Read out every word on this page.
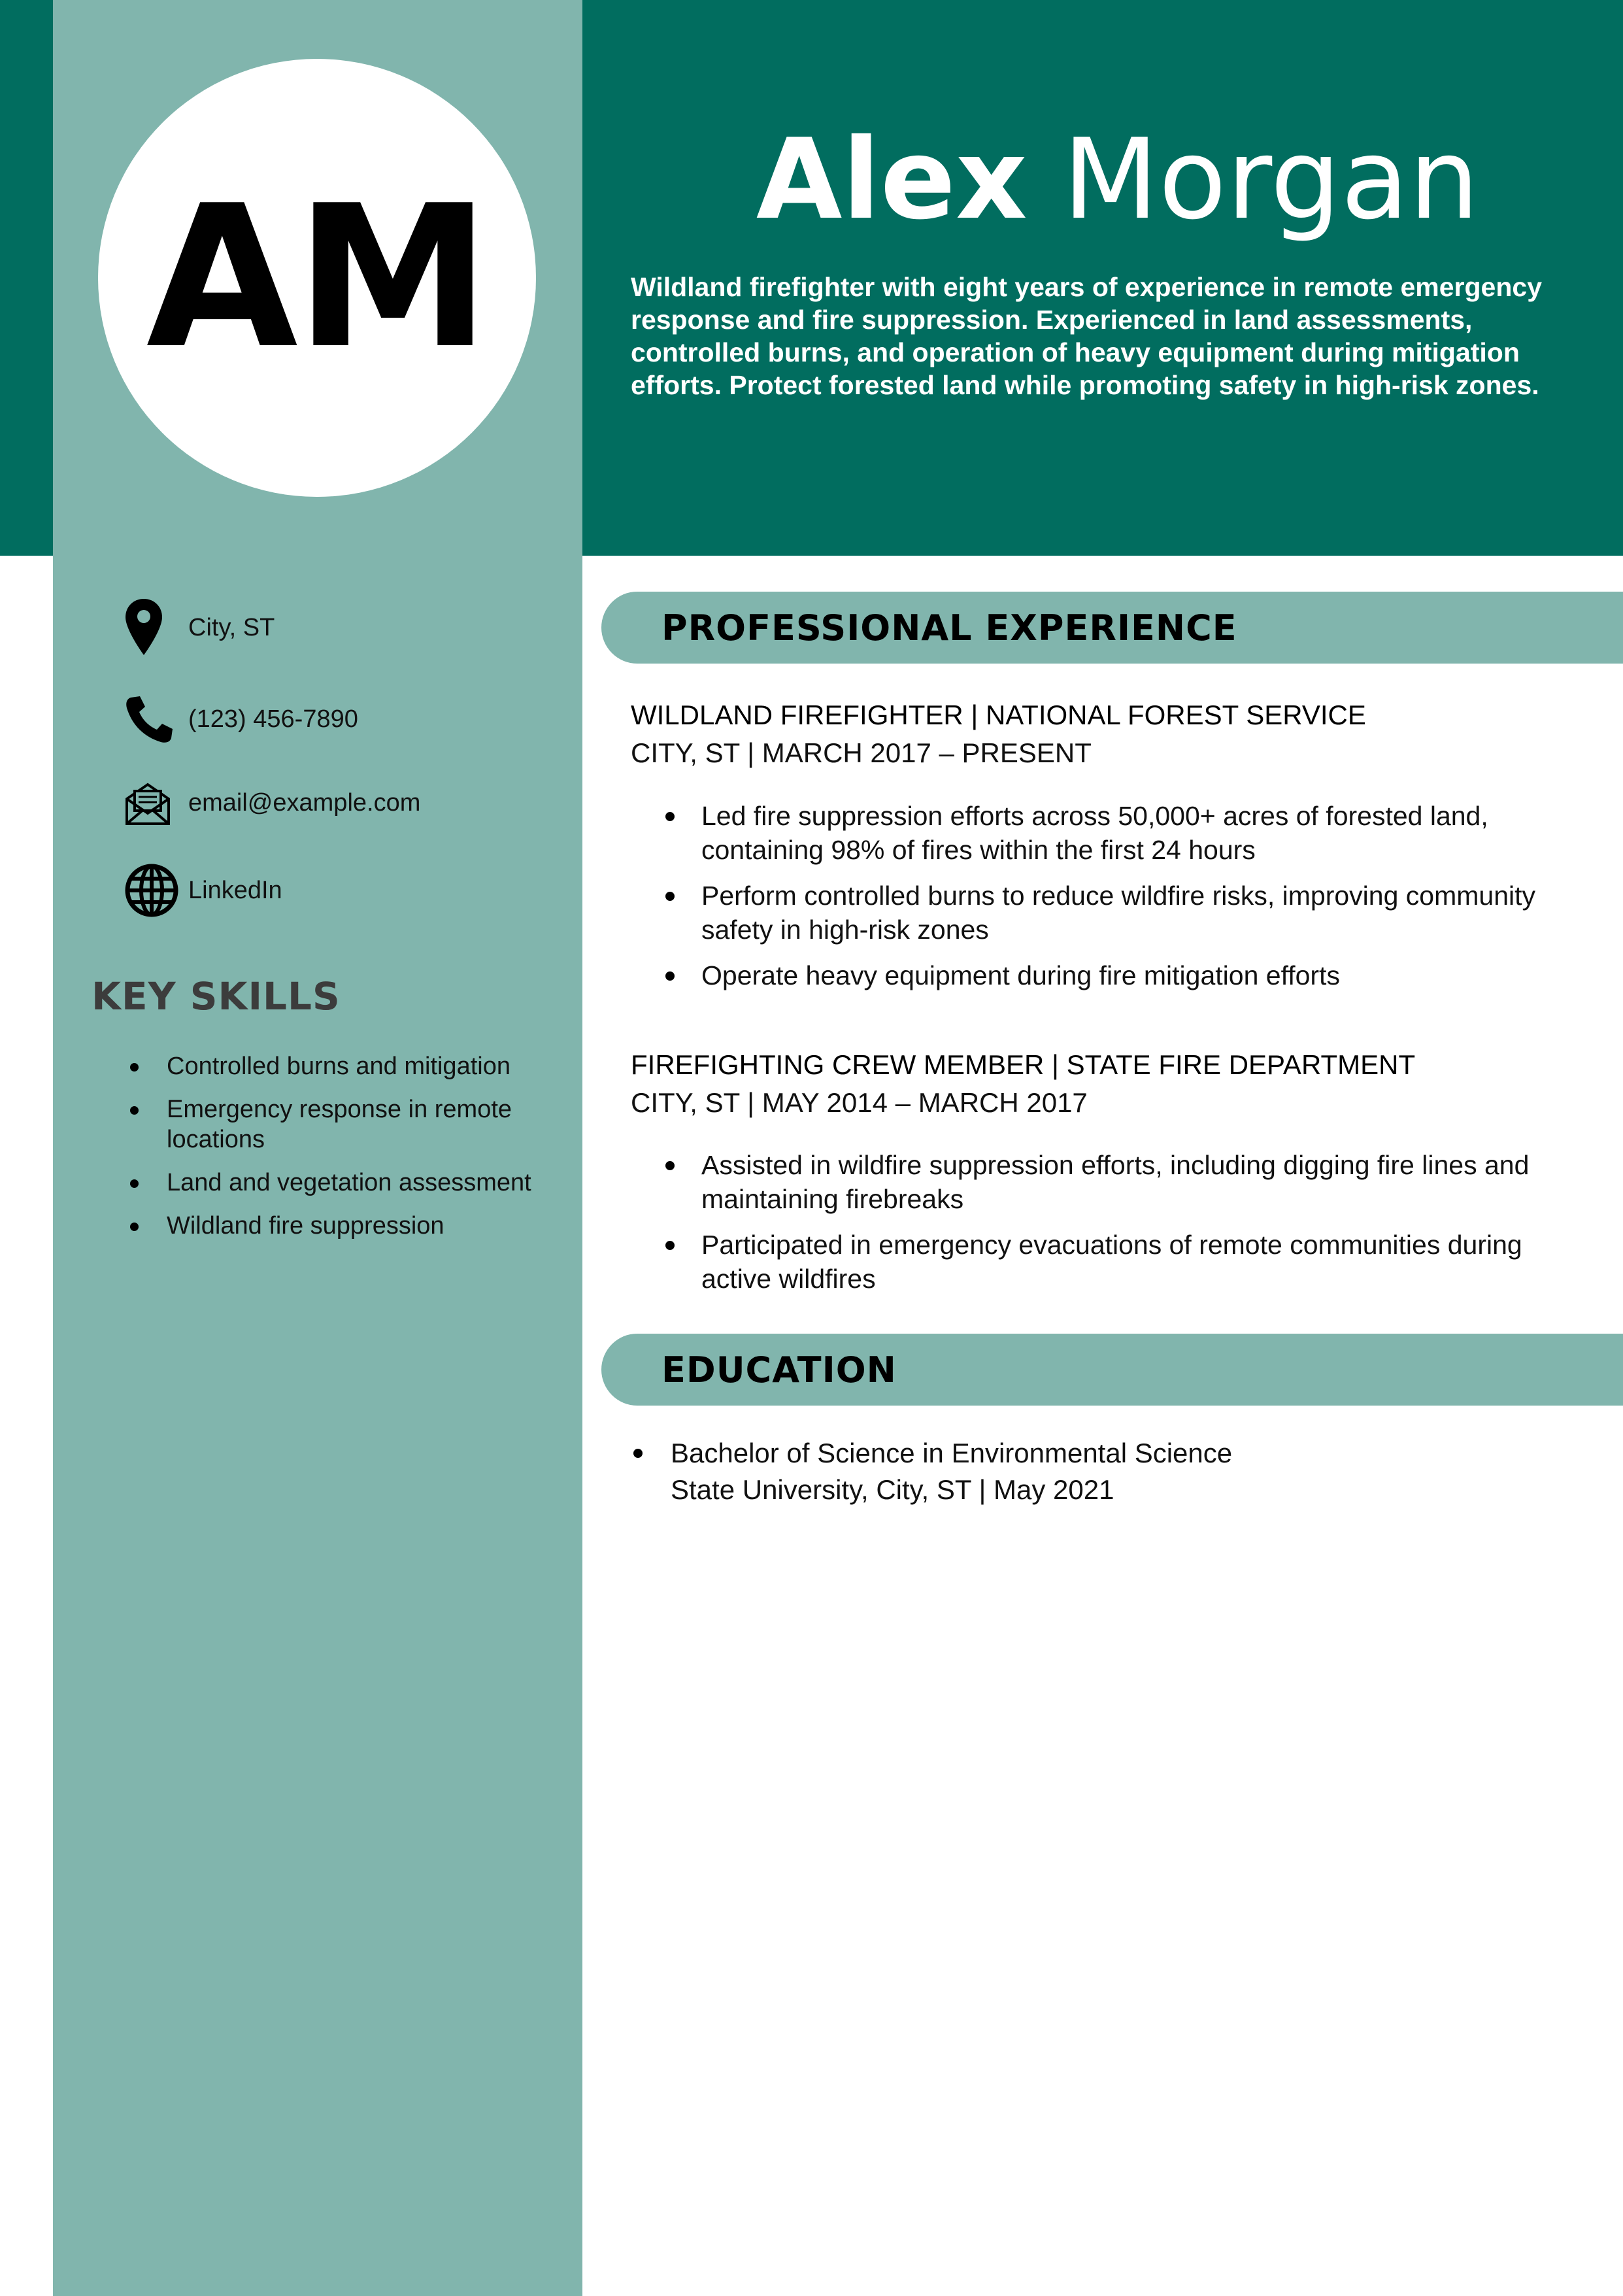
AM	Alex Morgan
Wildland firefighter with eight years of experience in remote emergency response and fire suppression. Experienced in land assessments, controlled burns, and operation of heavy equipment during mitigation efforts. Protect forested land while promoting safety in high-risk zones.
City, ST
(123) 456-7890
email@example.com
LinkedIn
KEY SKILLS
Controlled burns and mitigation
Emergency response in remote locations
Land and vegetation assessment
Wildland fire suppression
PROFESSIONAL EXPERIENCE
WILDLAND FIREFIGHTER | NATIONAL FOREST SERVICE
CITY, ST | MARCH 2017 – PRESENT
Led fire suppression efforts across 50,000+ acres of forested land, containing 98% of fires within the first 24 hours
Perform controlled burns to reduce wildfire risks, improving community safety in high-risk zones
Operate heavy equipment during fire mitigation efforts
FIREFIGHTING CREW MEMBER | STATE FIRE DEPARTMENT
CITY, ST | MAY 2014 – MARCH 2017
Assisted in wildfire suppression efforts, including digging fire lines and maintaining firebreaks
Participated in emergency evacuations of remote communities during active wildfires
EDUCATION
Bachelor of Science in Environmental Science
State University, City, ST | May 2021
